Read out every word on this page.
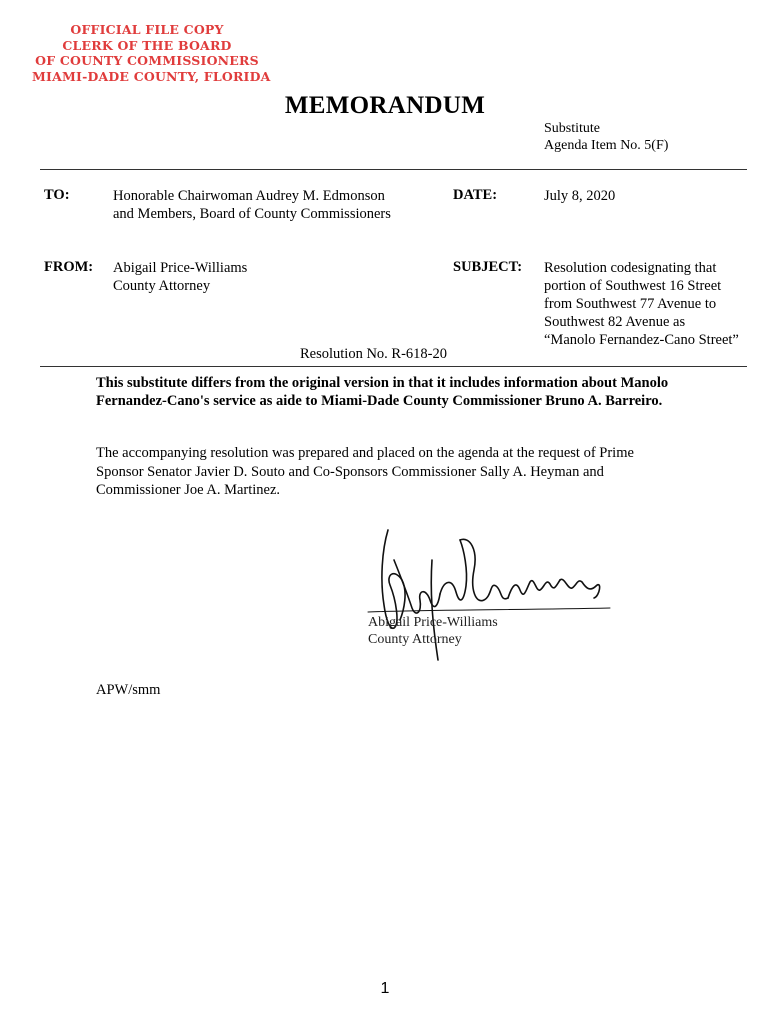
OFFICIAL FILE COPY
CLERK OF THE BOARD
OF COUNTY COMMISSIONERS
MIAMI-DADE COUNTY, FLORIDA
MEMORANDUM
Substitute
Agenda Item No. 5(F)
TO:	Honorable Chairwoman Audrey M. Edmonson
and Members, Board of County Commissioners
DATE:	July 8, 2020
FROM: Abigail Price-Williams
County Attorney
SUBJECT: Resolution codesignating that
portion of Southwest 16 Street
from Southwest 77 Avenue to
Southwest 82 Avenue as
“Manolo Fernandez-Cano Street”
Resolution No. R-618-20
This substitute differs from the original version in that it includes information about Manolo Fernandez-Cano's service as aide to Miami-Dade County Commissioner Bruno A. Barreiro.
The accompanying resolution was prepared and placed on the agenda at the request of Prime Sponsor Senator Javier D. Souto and Co-Sponsors Commissioner Sally A. Heyman and Commissioner Joe A. Martinez.
Abigail Price-Williams
County Attorney
APW/smm
1
